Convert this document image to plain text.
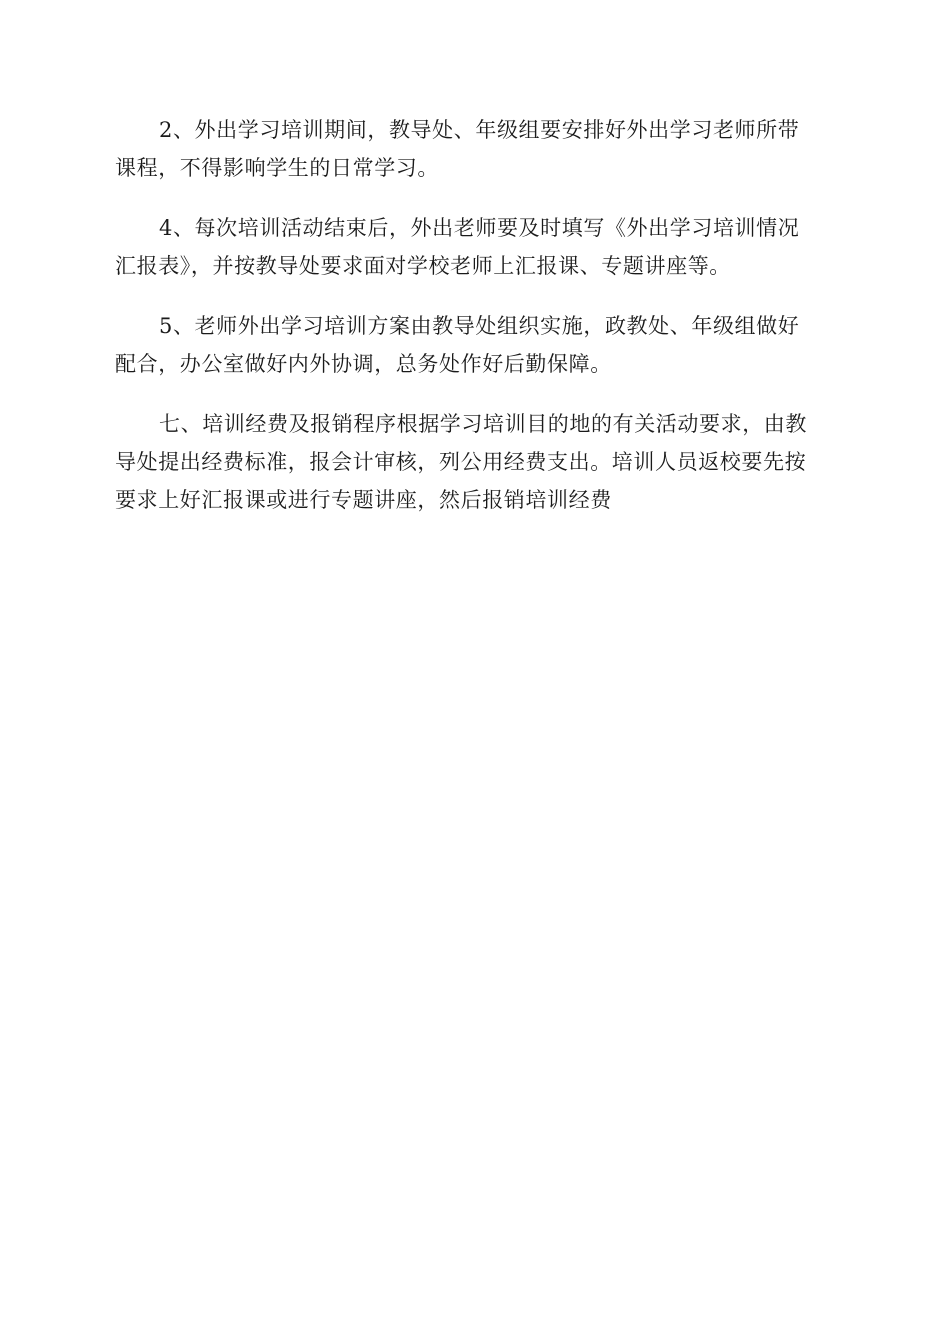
2、外出学习培训期间，教导处、年级组要安排好外出学习老师所带
课程，不得影响学生的日常学习。

4、每次培训活动结束后，外出老师要及时填写《外出学习培训情况
汇报表》，并按教导处要求面对学校老师上汇报课、专题讲座等。

5、老师外出学习培训方案由教导处组织实施，政教处、年级组做好
配合，办公室做好内外协调，总务处作好后勤保障。

七、培训经费及报销程序根据学习培训目的地的有关活动要求，由教
导处提出经费标准，报会计审核，列公用经费支出。培训人员返校要先按
要求上好汇报课或进行专题讲座，然后报销培训经费
